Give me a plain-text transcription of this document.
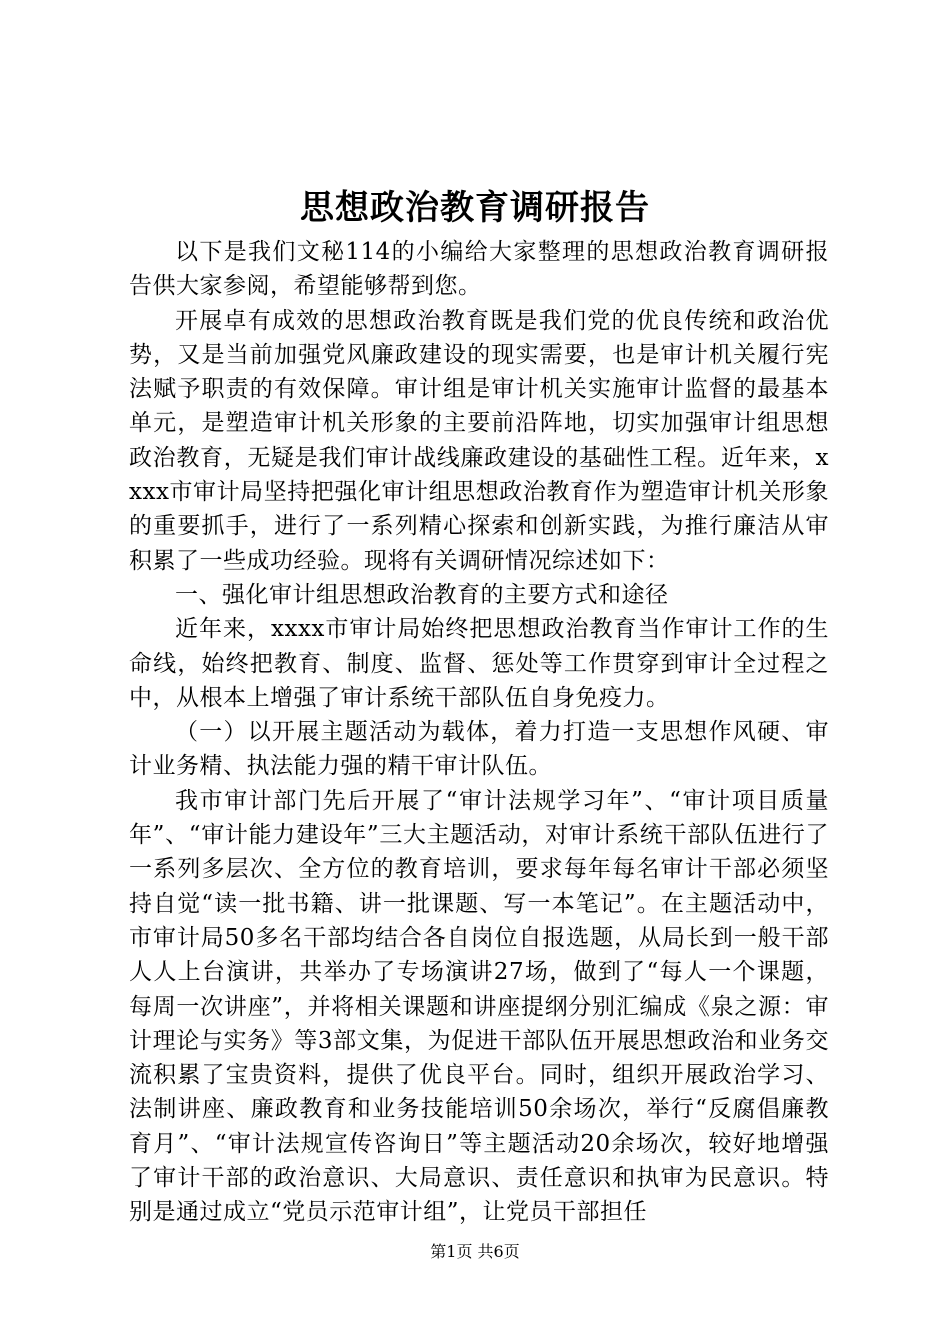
思想政治教育调研报告

以下是我们文秘114的小编给大家整理的思想政治教育调研报告供大家参阅，希望能够帮到您。

开展卓有成效的思想政治教育既是我们党的优良传统和政治优势，又是当前加强党风廉政建设的现实需要，也是审计机关履行宪法赋予职责的有效保障。审计组是审计机关实施审计监督的最基本单元，是塑造审计机关形象的主要前沿阵地，切实加强审计组思想政治教育，无疑是我们审计战线廉政建设的基础性工程。近年来，xxxx市审计局坚持把强化审计组思想政治教育作为塑造审计机关形象的重要抓手，进行了一系列精心探索和创新实践，为推行廉洁从审积累了一些成功经验。现将有关调研情况综述如下：

一、强化审计组思想政治教育的主要方式和途径

近年来，xxxx市审计局始终把思想政治教育当作审计工作的生命线，始终把教育、制度、监督、惩处等工作贯穿到审计全过程之中，从根本上增强了审计系统干部队伍自身免疫力。

（一）以开展主题活动为载体，着力打造一支思想作风硬、审计业务精、执法能力强的精干审计队伍。

我市审计部门先后开展了“审计法规学习年”、“审计项目质量年”、“审计能力建设年”三大主题活动，对审计系统干部队伍进行了一系列多层次、全方位的教育培训，要求每年每名审计干部必须坚持自觉“读一批书籍、讲一批课题、写一本笔记”。在主题活动中，市审计局50多名干部均结合各自岗位自报选题，从局长到一般干部人人上台演讲，共举办了专场演讲27场，做到了“每人一个课题，每周一次讲座”，并将相关课题和讲座提纲分别汇编成《泉之源：审计理论与实务》等3部文集，为促进干部队伍开展思想政治和业务交流积累了宝贵资料，提供了优良平台。同时，组织开展政治学习、法制讲座、廉政教育和业务技能培训50余场次，举行“反腐倡廉教育月”、“审计法规宣传咨询日”等主题活动20余场次，较好地增强了审计干部的政治意识、大局意识、责任意识和执审为民意识。特别是通过成立“党员示范审计组”，让党员干部担任

第1页 共6页
